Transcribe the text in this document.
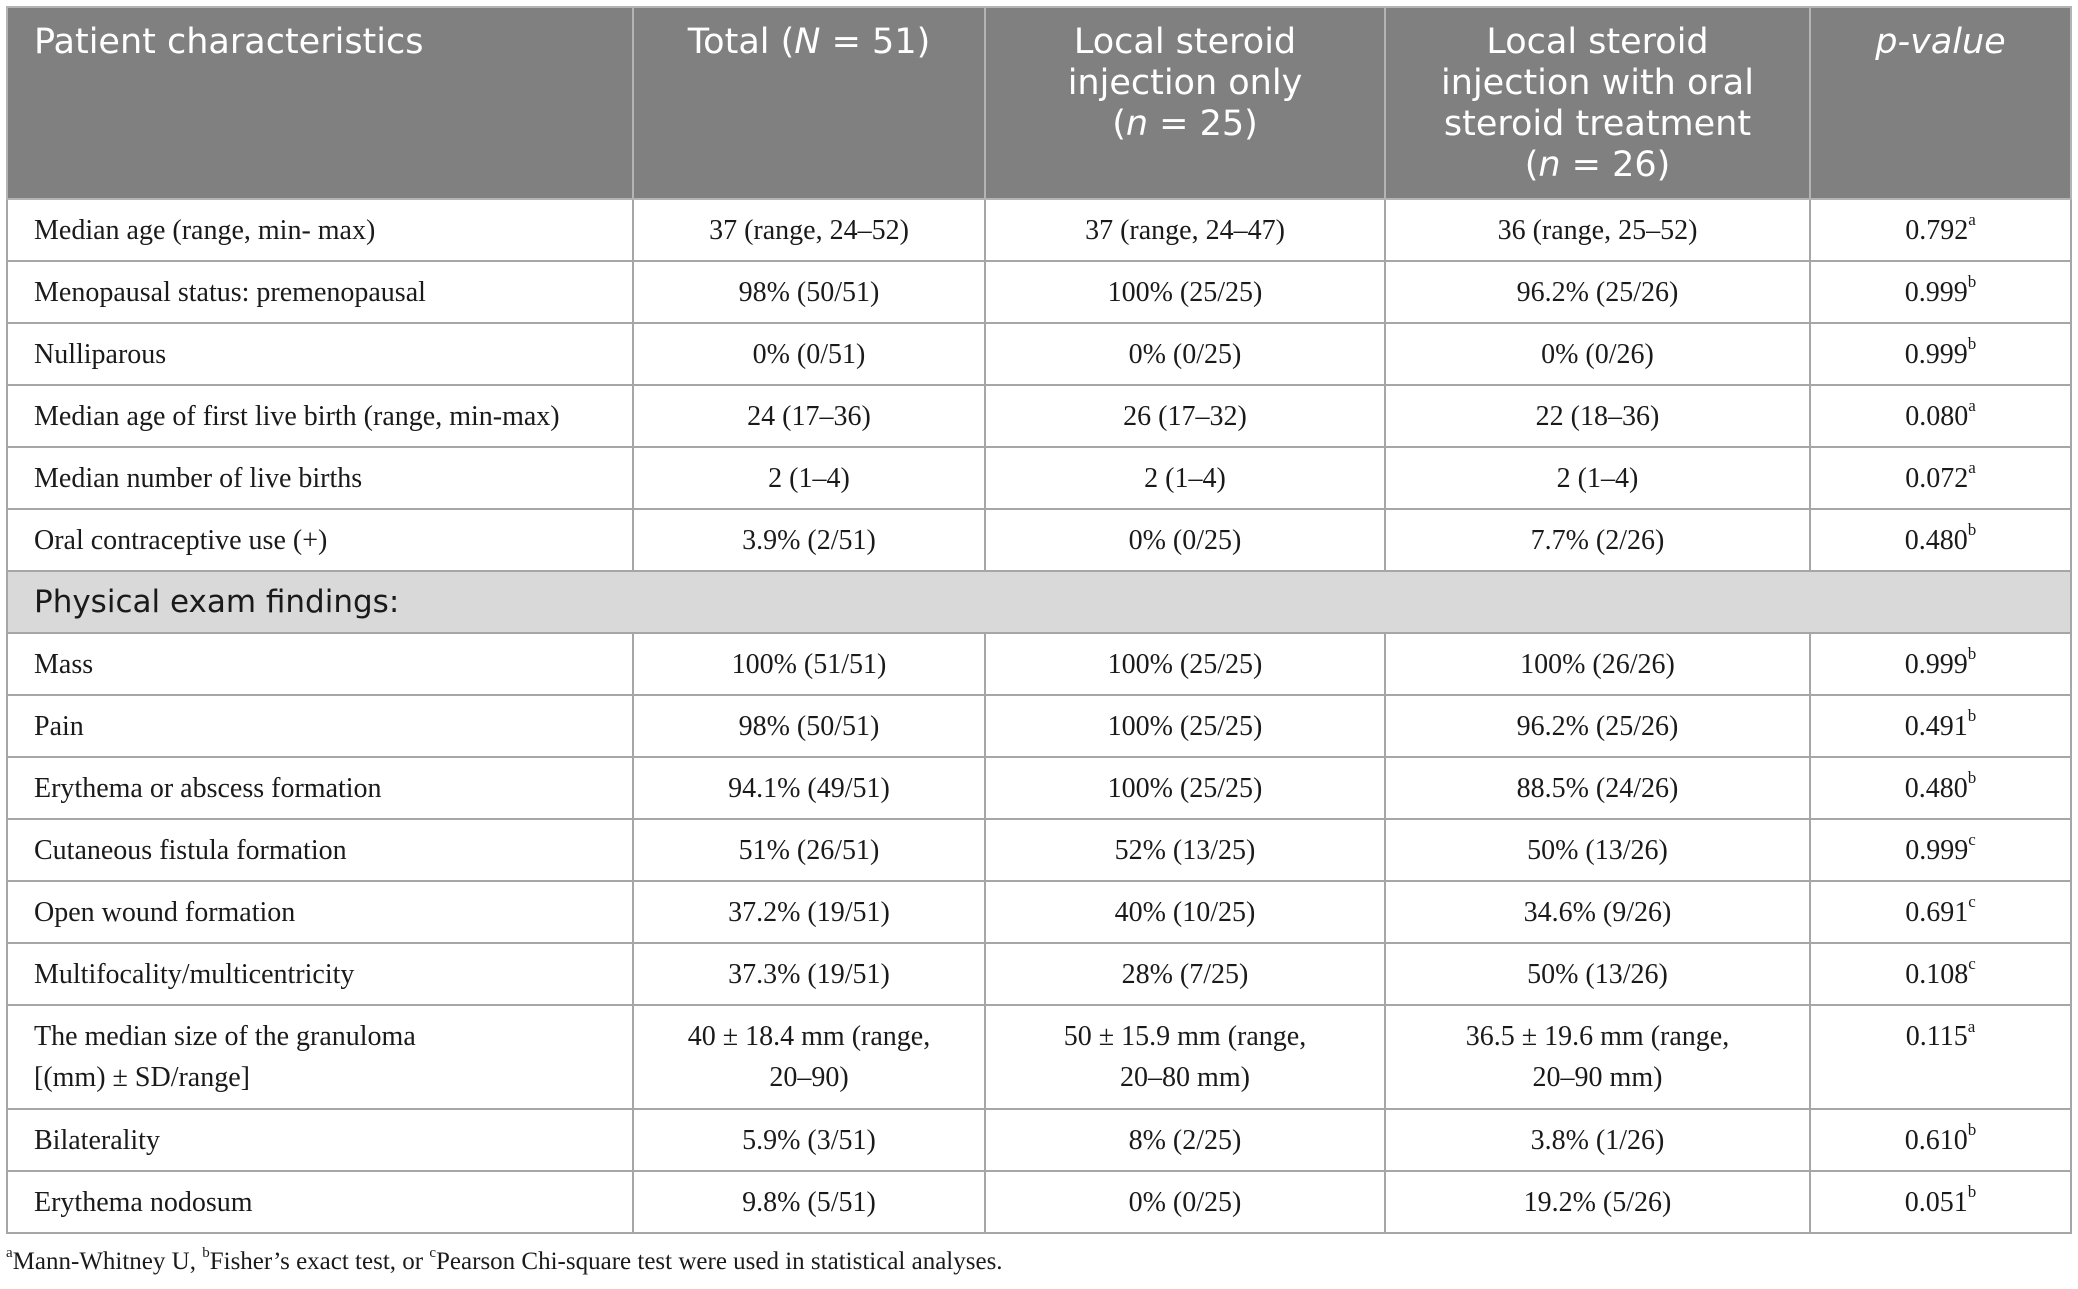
Patient characteristics	Total (N = 51)	Local steroid
injection only
(n = 25)	Local steroid
injection with oral
steroid treatment
(n = 26)	p-value
Median age (range, min- max)	37 (range, 24–52)	37 (range, 24–47)	36 (range, 25–52)	0.792$^a$
Menopausal status: premenopausal	98% (50/51)	100% (25/25)	96.2% (25/26)	0.999$^b$
Nulliparous	0% (0/51)	0% (0/25)	0% (0/26)	0.999$^b$
Median age of first live birth (range, min-max)	24 (17–36)	26 (17–32)	22 (18–36)	0.080$^a$
Median number of live births	2 (1–4)	2 (1–4)	2 (1–4)	0.072$^a$
Oral contraceptive use (+)	3.9% (2/51)	0% (0/25)	7.7% (2/26)	0.480$^b$
Physical exam findings:				
Mass	100% (51/51)	100% (25/25)	100% (26/26)	0.999$^b$
Pain	98% (50/51)	100% (25/25)	96.2% (25/26)	0.491$^b$
Erythema or abscess formation	94.1% (49/51)	100% (25/25)	88.5% (24/26)	0.480$^b$
Cutaneous fistula formation	51% (26/51)	52% (13/25)	50% (13/26)	0.999$^c$
Open wound formation	37.2% (19/51)	40% (10/25)	34.6% (9/26)	0.691$^c$
Multifocality/multicentricity	37.3% (19/51)	28% (7/25)	50% (13/26)	0.108$^c$
The median size of the granuloma
[(mm) ± SD/range]	40 ± 18.4 mm (range,
20–90)	50 ± 15.9 mm (range,
20–80 mm)	36.5 ± 19.6 mm (range,
20–90 mm)	0.115$^a$
Bilaterality	5.9% (3/51)	8% (2/25)	3.8% (1/26)	0.610$^b$
Erythema nodosum	9.8% (5/51)	0% (0/25)	19.2% (5/26)	0.051$^b$
$^a$Mann-Whitney U, $^b$Fisher’s exact test, or $^c$Pearson Chi-square test were used in statistical analyses.
